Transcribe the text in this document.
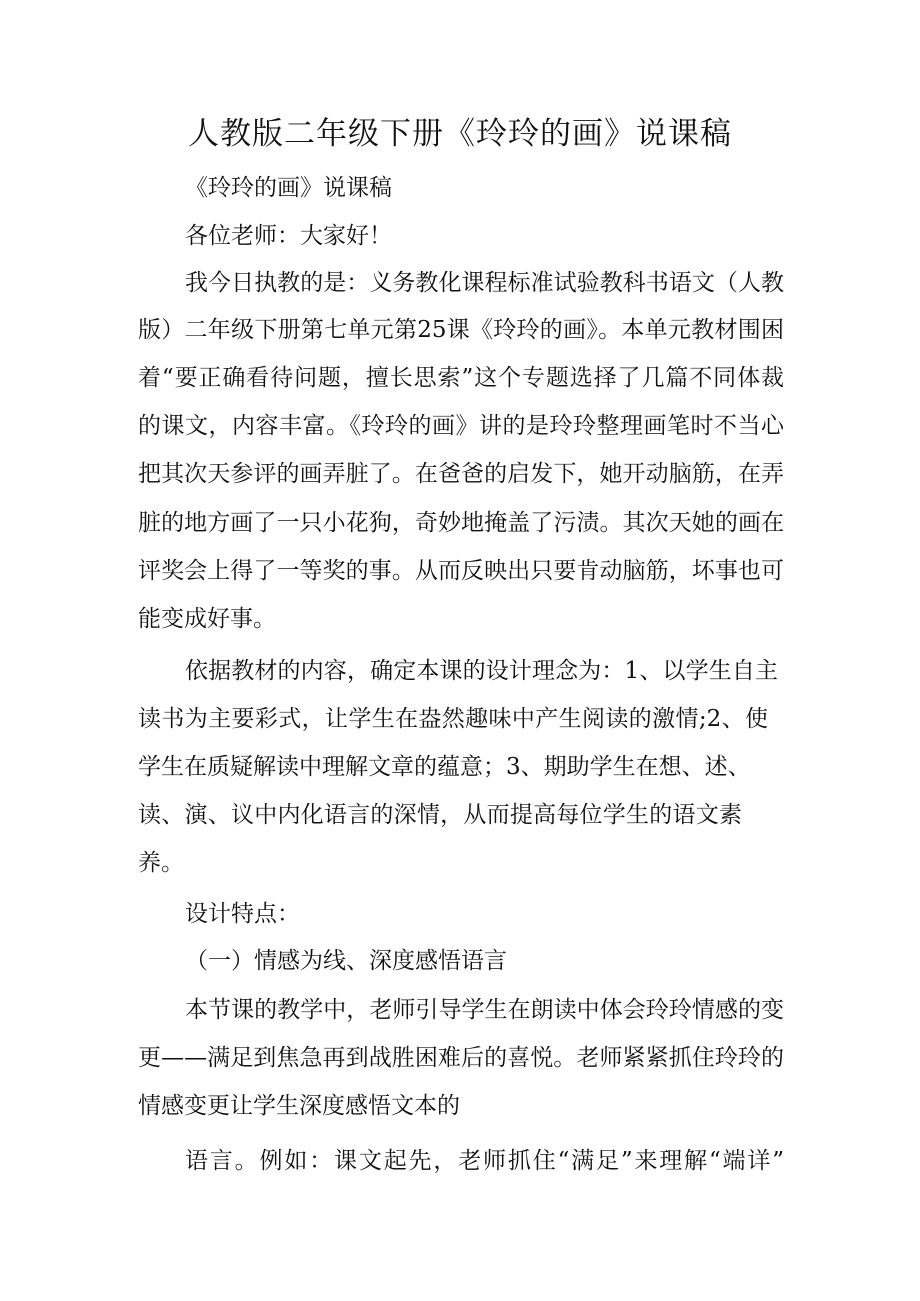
人教版二年级下册《玲玲的画》说课稿
《玲玲的画》说课稿
各位老师：大家好！
我今日执教的是：义务教化课程标准试验教科书语文（人教
版）二年级下册第七单元第25课《玲玲的画》。本单元教材围困
着“要正确看待问题，擅长思索”这个专题选择了几篇不同体裁
的课文，内容丰富。《玲玲的画》讲的是玲玲整理画笔时不当心
把其次天参评的画弄脏了。在爸爸的启发下，她开动脑筋，在弄
脏的地方画了一只小花狗，奇妙地掩盖了污渍。其次天她的画在
评奖会上得了一等奖的事。从而反映出只要肯动脑筋，坏事也可
能变成好事。
依据教材的内容，确定本课的设计理念为：1、以学生自主
读书为主要彩式，让学生在盎然趣味中产生阅读的激情;2、使
学生在质疑解读中理解文章的蕴意；3、期助学生在想、述、
读、演、议中内化语言的深情，从而提高每位学生的语文素
养。
设计特点：
（一）情感为线、深度感悟语言
本节课的教学中，老师引导学生在朗读中体会玲玲情感的变
更——满足到焦急再到战胜困难后的喜悦。老师紧紧抓住玲玲的
情感变更让学生深度感悟文本的
语言。例如：课文起先，老师抓住“满足”来理解“端详”
